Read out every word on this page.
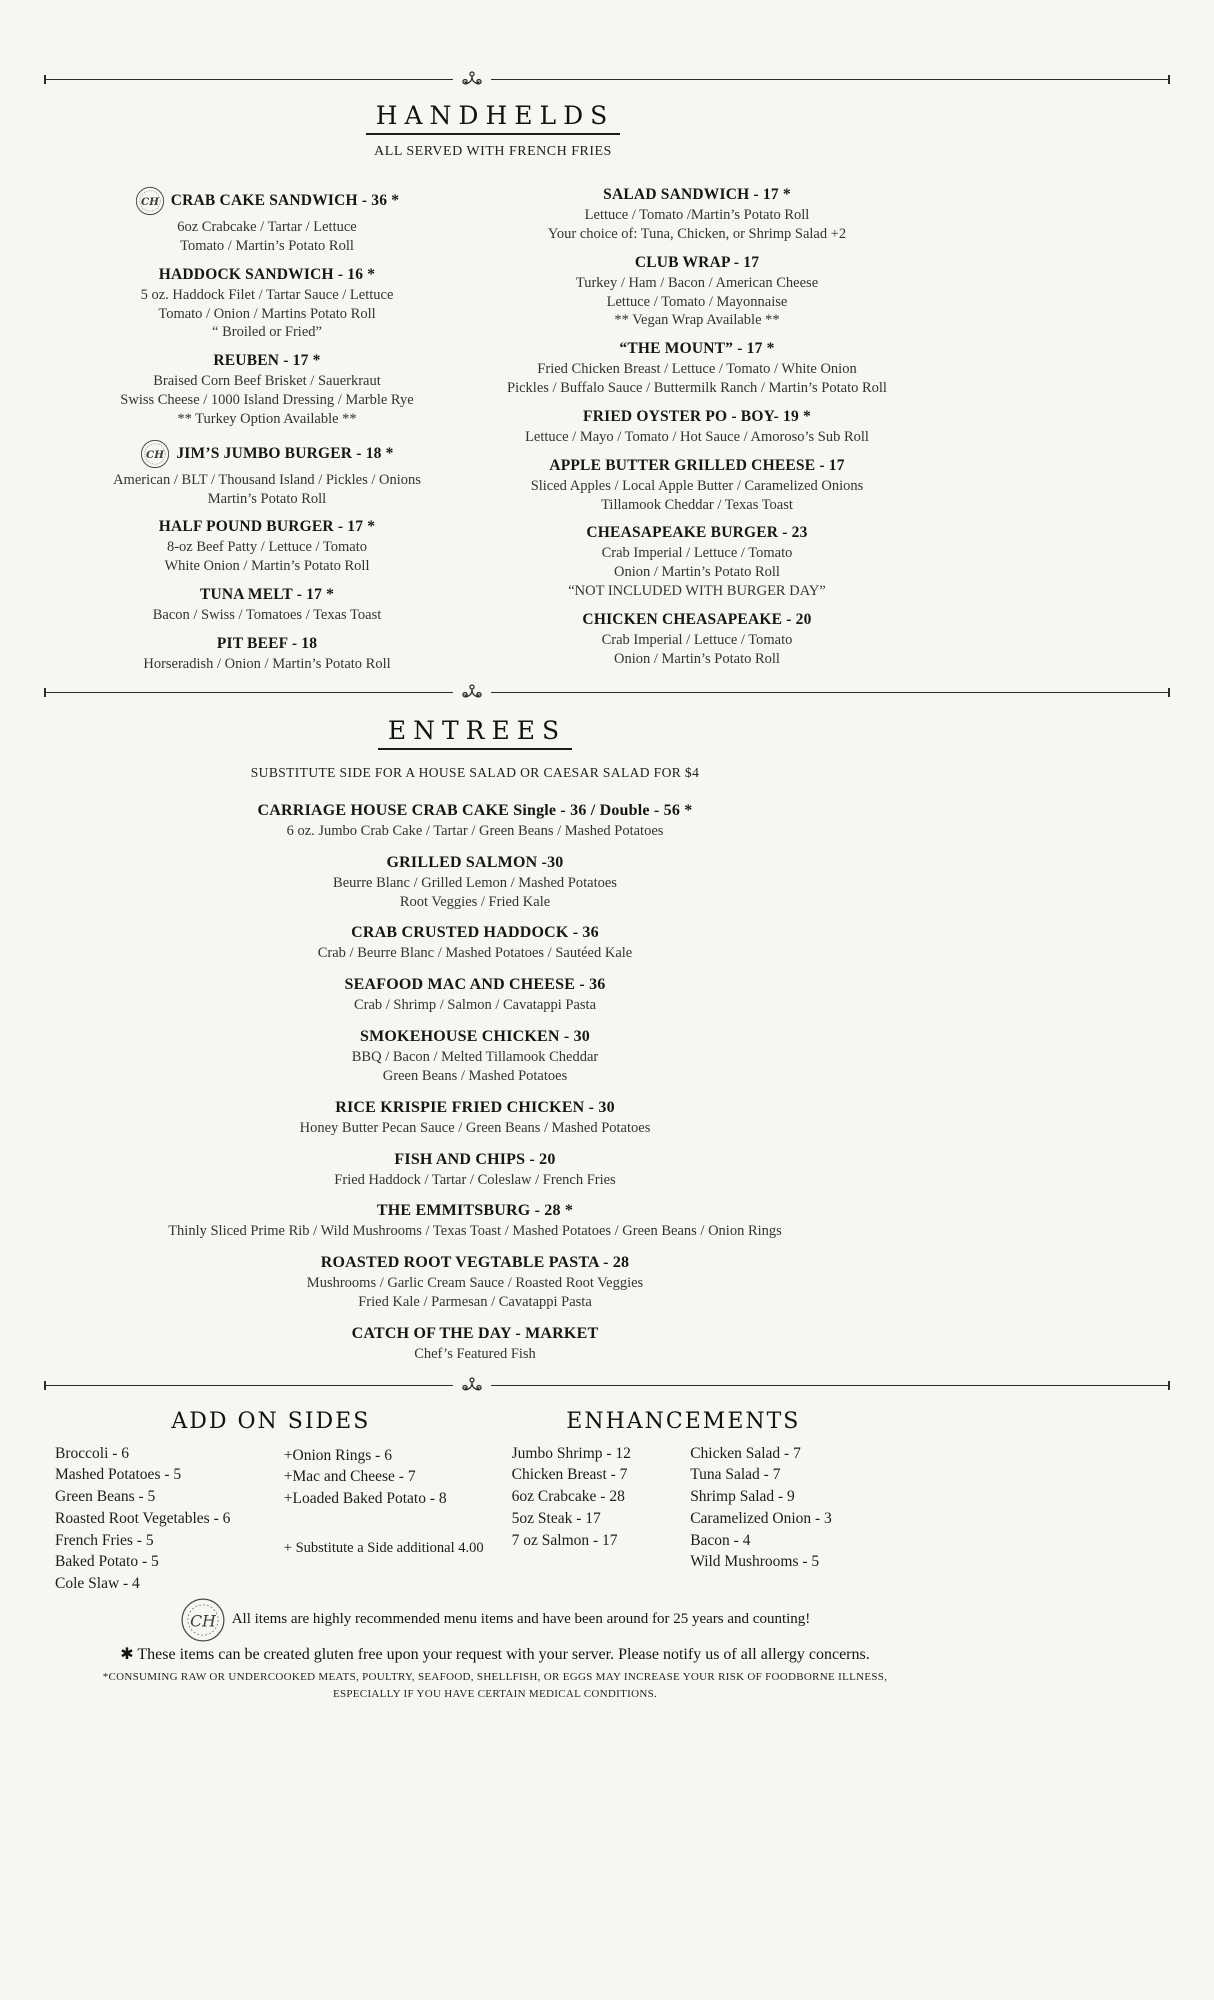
HANDHELDS
ALL SERVED WITH FRENCH FRIES
CH CRAB CAKE SANDWICH - 36 *
6oz Crabcake / Tartar / Lettuce
Tomato / Martin’s Potato Roll
HADDOCK SANDWICH - 16 *
5 oz. Haddock Filet / Tartar Sauce / Lettuce
Tomato / Onion / Martins Potato Roll
“ Broiled or Fried”
REUBEN - 17 *
Braised Corn Beef Brisket / Sauerkraut
Swiss Cheese / 1000 Island Dressing / Marble Rye
** Turkey Option Available **
CH JIM’S JUMBO BURGER - 18 *
American / BLT / Thousand Island / Pickles / Onions
Martin’s Potato Roll
HALF POUND BURGER - 17 *
8-oz Beef Patty / Lettuce / Tomato
White Onion / Martin’s Potato Roll
TUNA MELT - 17 *
Bacon / Swiss / Tomatoes / Texas Toast
PIT BEEF - 18
Horseradish / Onion / Martin’s Potato Roll
SALAD SANDWICH - 17 *
Lettuce / Tomato /Martin’s Potato Roll
Your choice of: Tuna, Chicken, or Shrimp Salad +2
CLUB WRAP - 17
Turkey / Ham / Bacon / American Cheese
Lettuce / Tomato / Mayonnaise
** Vegan Wrap Available **
“THE MOUNT” - 17 *
Fried Chicken Breast / Lettuce / Tomato / White Onion
Pickles / Buffalo Sauce / Buttermilk Ranch / Martin’s Potato Roll
FRIED OYSTER PO - BOY- 19 *
Lettuce / Mayo / Tomato / Hot Sauce / Amoroso’s Sub Roll
APPLE BUTTER GRILLED CHEESE - 17
Sliced Apples / Local Apple Butter / Caramelized Onions
Tillamook Cheddar / Texas Toast
CHEASAPEAKE BURGER - 23
Crab Imperial / Lettuce / Tomato
Onion / Martin’s Potato Roll
“NOT INCLUDED WITH BURGER DAY”
CHICKEN CHEASAPEAKE - 20
Crab Imperial / Lettuce / Tomato
Onion / Martin’s Potato Roll
ENTREES
SUBSTITUTE SIDE FOR A HOUSE SALAD OR CAESAR SALAD FOR $4
CARRIAGE HOUSE CRAB CAKE Single - 36 / Double - 56 *
6 oz. Jumbo Crab Cake / Tartar / Green Beans / Mashed Potatoes
GRILLED SALMON -30
Beurre Blanc / Grilled Lemon / Mashed Potatoes
Root Veggies / Fried Kale
CRAB CRUSTED HADDOCK - 36
Crab / Beurre Blanc / Mashed Potatoes / Sautéed Kale
SEAFOOD MAC AND CHEESE - 36
Crab / Shrimp / Salmon / Cavatappi Pasta
SMOKEHOUSE CHICKEN - 30
BBQ / Bacon / Melted Tillamook Cheddar
Green Beans / Mashed Potatoes
RICE KRISPIE FRIED CHICKEN - 30
Honey Butter Pecan Sauce / Green Beans / Mashed Potatoes
FISH AND CHIPS - 20
Fried Haddock / Tartar / Coleslaw / French Fries
THE EMMITSBURG - 28 *
Thinly Sliced Prime Rib / Wild Mushrooms / Texas Toast / Mashed Potatoes / Green Beans / Onion Rings
ROASTED ROOT VEGTABLE PASTA - 28
Mushrooms / Garlic Cream Sauce / Roasted Root Veggies
Fried Kale / Parmesan / Cavatappi Pasta
CATCH OF THE DAY - MARKET
Chef’s Featured Fish
ADD ON SIDES
Broccoli - 6
Mashed Potatoes - 5
Green Beans - 5
Roasted Root Vegetables - 6
French Fries - 5
Baked Potato - 5
Cole Slaw - 4
+Onion Rings - 6
+Mac and Cheese - 7
+Loaded Baked Potato - 8
+ Substitute a Side additional 4.00
ENHANCEMENTS
Jumbo Shrimp - 12
Chicken Breast - 7
6oz Crabcake - 28
5oz Steak - 17
7 oz Salmon - 17
Chicken Salad - 7
Tuna Salad - 7
Shrimp Salad - 9
Caramelized Onion - 3
Bacon - 4
Wild Mushrooms - 5
CH All items are highly recommended menu items and have been around for 25 years and counting!
✱ These items can be created gluten free upon your request with your server. Please notify us of all allergy concerns.
*CONSUMING RAW OR UNDERCOOKED MEATS, POULTRY, SEAFOOD, SHELLFISH, OR EGGS MAY INCREASE YOUR RISK OF FOODBORNE ILLNESS,
ESPECIALLY IF YOU HAVE CERTAIN MEDICAL CONDITIONS.
